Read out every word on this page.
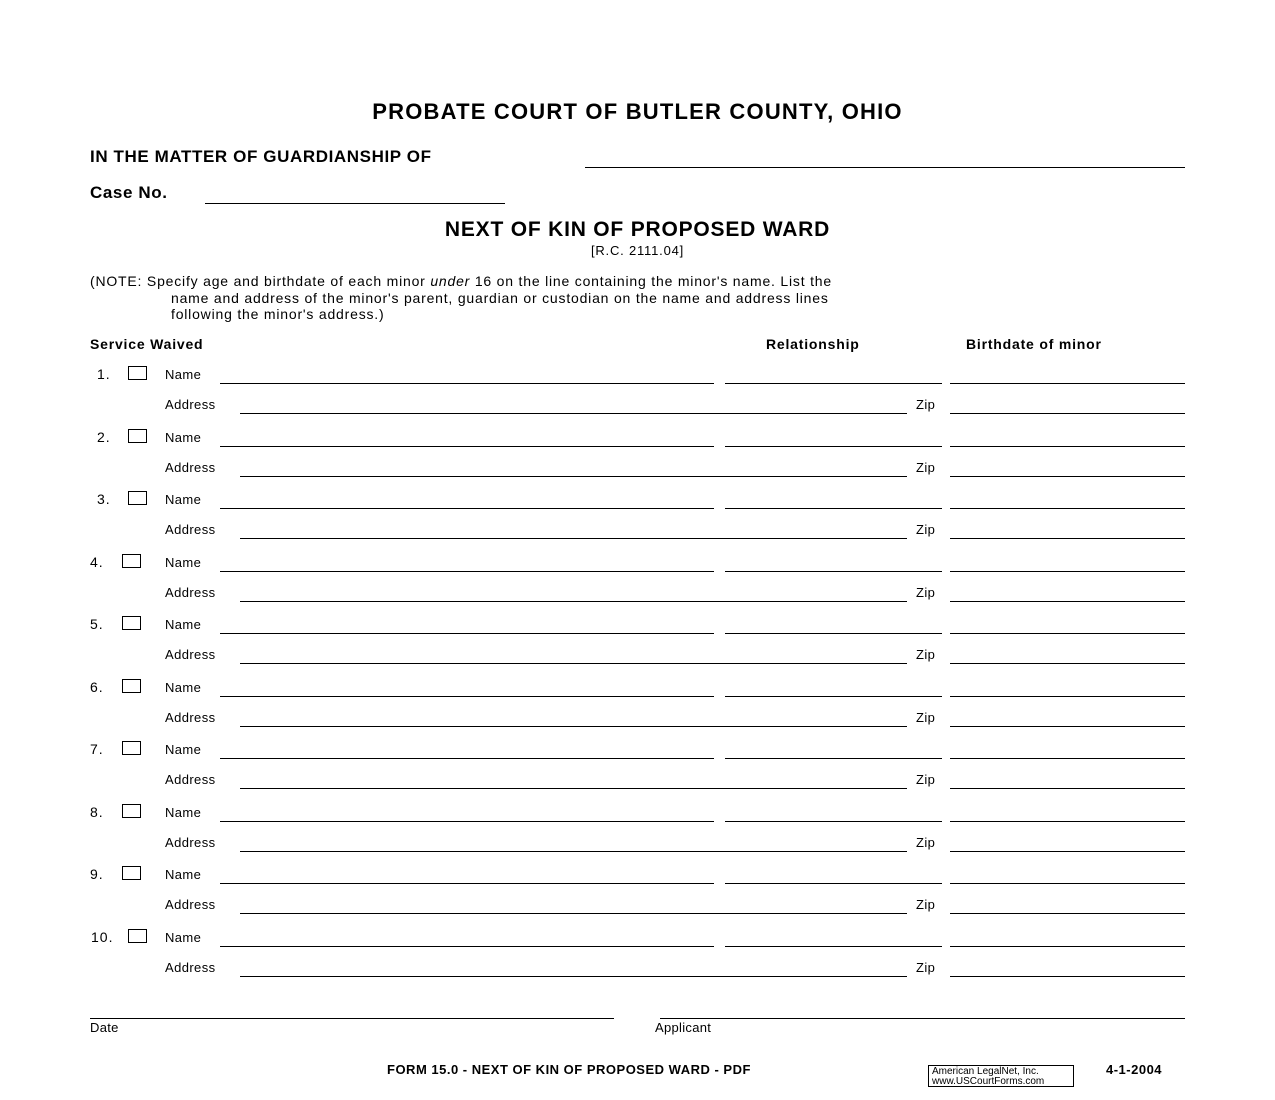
PROBATE COURT OF BUTLER COUNTY, OHIO
IN THE MATTER OF GUARDIANSHIP OF
Case No.
NEXT OF KIN OF PROPOSED WARD
[R.C. 2111.04]
(NOTE: Specify age and birthdate of each minor under 16 on the line containing the minor's name. List the
name and address of the minor's parent, guardian or custodian on the name and address lines
following the minor's address.)
Service Waived	Relationship	Birthdate of minor
1.	Name
Address	Zip
2.	Name
Address	Zip
3.	Name
Address	Zip
4.	Name
Address	Zip
5.	Name
Address	Zip
6.	Name
Address	Zip
7.	Name
Address	Zip
8.	Name
Address	Zip
9.	Name
Address	Zip
10.	Name
Address	Zip
Date	Applicant
FORM 15.0 - NEXT OF KIN OF PROPOSED WARD - PDF	American LegalNet, Inc.
www.USCourtForms.com
4-1-2004
